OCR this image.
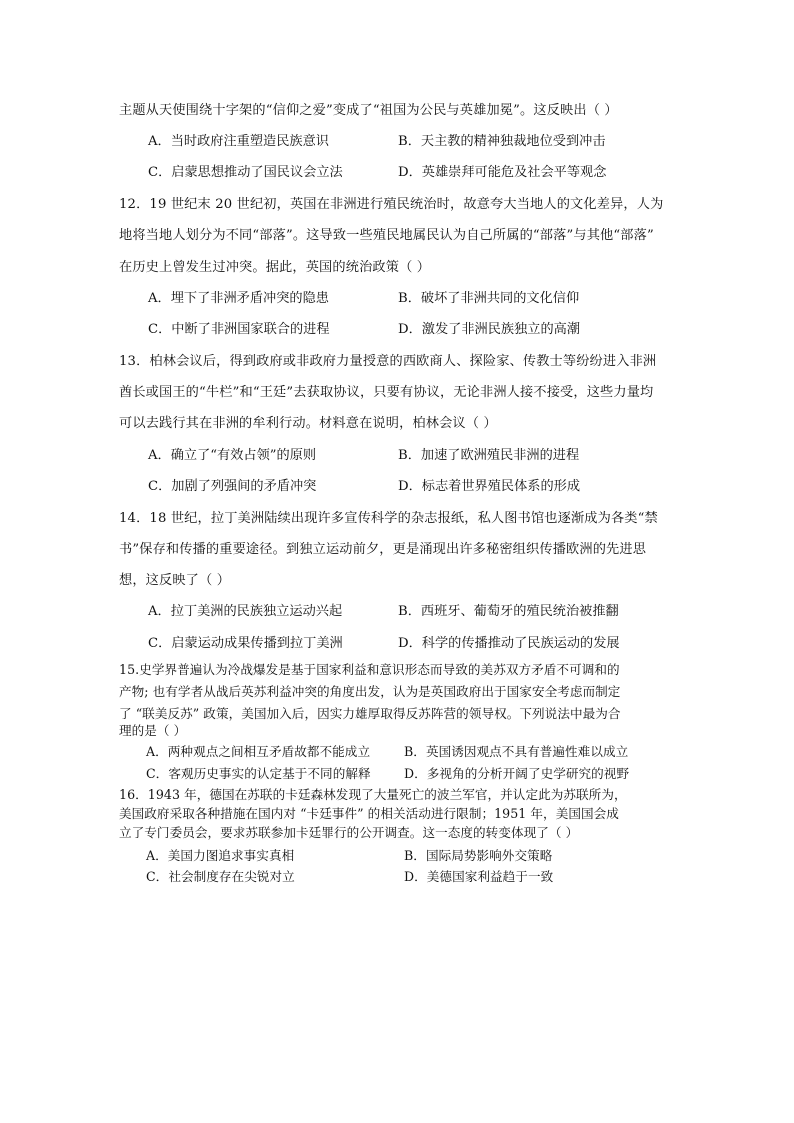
主题从天使围绕十字架的“信仰之爱”变成了“祖国为公民与英雄加冕”。这反映出（ ）
A．当时政府注重塑造民族意识	B．天主教的精神独裁地位受到冲击
C．启蒙思想推动了国民议会立法	D．英雄崇拜可能危及社会平等观念
12．19 世纪末 20 世纪初，英国在非洲进行殖民统治时，故意夸大当地人的文化差异，人为
地将当地人划分为不同“部落”。这导致一些殖民地属民认为自己所属的“部落”与其他“部落”
在历史上曾发生过冲突。据此，英国的统治政策（ ）
A．埋下了非洲矛盾冲突的隐患	B．破坏了非洲共同的文化信仰
C．中断了非洲国家联合的进程	D．激发了非洲民族独立的高潮
13．柏林会议后，得到政府或非政府力量授意的西欧商人、探险家、传教士等纷纷进入非洲
酋长或国王的“牛栏”和“王廷”去获取协议，只要有协议，无论非洲人接不接受，这些力量均
可以去践行其在非洲的牟利行动。材料意在说明，柏林会议（ ）
A．确立了“有效占领”的原则	B．加速了欧洲殖民非洲的进程
C．加剧了列强间的矛盾冲突	D．标志着世界殖民体系的形成
14．18 世纪，拉丁美洲陆续出现许多宣传科学的杂志报纸，私人图书馆也逐渐成为各类“禁
书”保存和传播的重要途径。到独立运动前夕，更是涌现出许多秘密组织传播欧洲的先进思
想，这反映了（ ）
A．拉丁美洲的民族独立运动兴起	B．西班牙、葡萄牙的殖民统治被推翻
C．启蒙运动成果传播到拉丁美洲	D．科学的传播推动了民族运动的发展
15.史学界普遍认为冷战爆发是基于国家利益和意识形态而导致的美苏双方矛盾不可调和的
产物; 也有学者从战后英苏利益冲突的角度出发，认为是英国政府出于国家安全考虑而制定
了 “联美反苏” 政策，美国加入后，因实力雄厚取得反苏阵营的领导权。下列说法中最为合
理的是（ ）
A．两种观点之间相互矛盾故都不能成立	B．英国诱因观点不具有普遍性难以成立
C．客观历史事实的认定基于不同的解释	D．多视角的分析开阔了史学研究的视野
16．1943 年，德国在苏联的卡廷森林发现了大量死亡的波兰军官，并认定此为苏联所为，
美国政府采取各种措施在国内对 “卡廷事件” 的相关活动进行限制；1951 年，美国国会成
立了专门委员会，要求苏联参加卡廷罪行的公开调查。这一态度的转变体现了（ ）
A．美国力图追求事实真相	B．国际局势影响外交策略
C．社会制度存在尖锐对立	D．美德国家利益趋于一致
